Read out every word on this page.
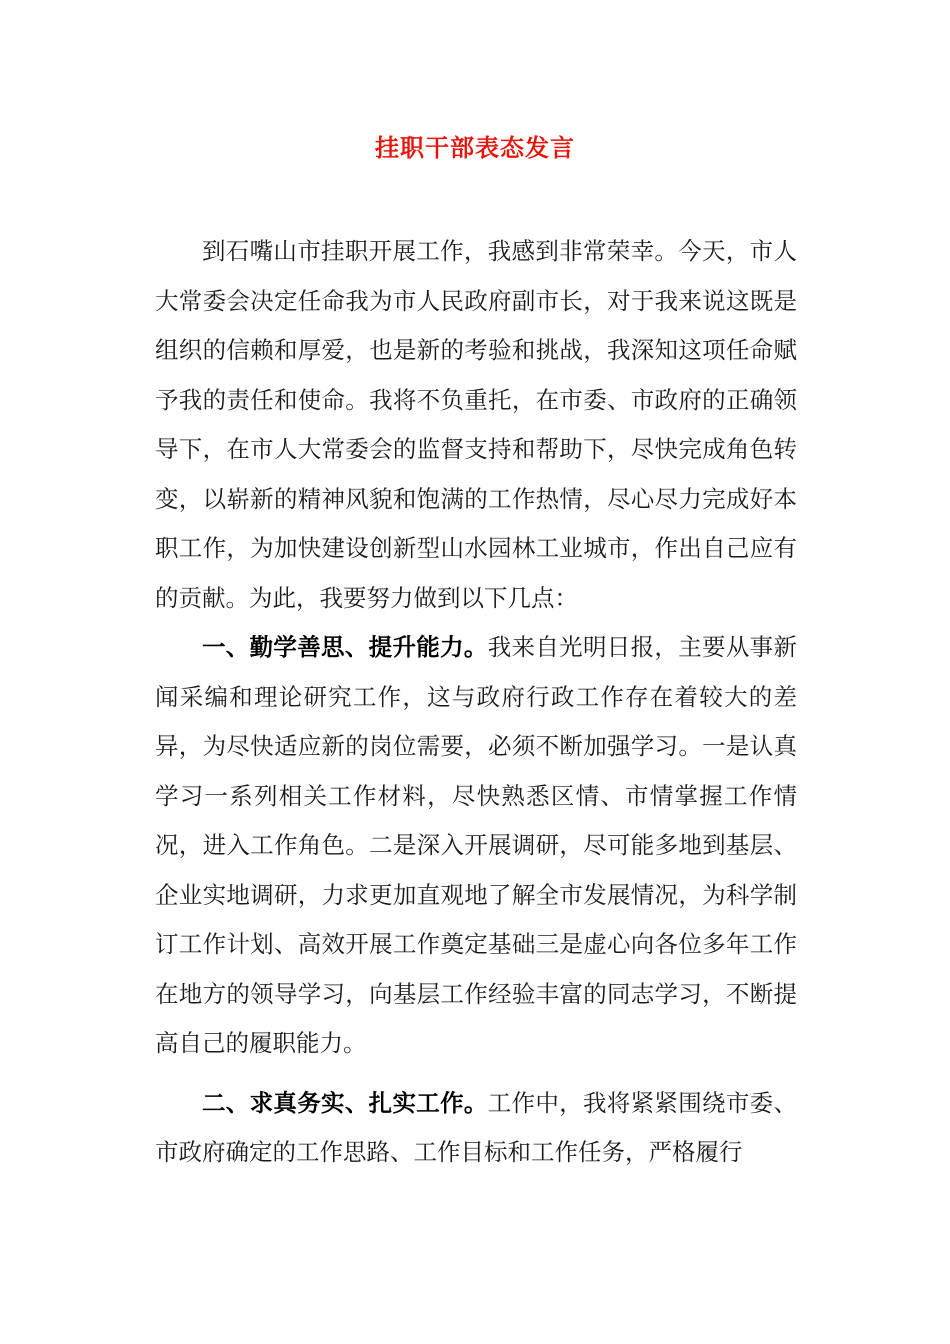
挂职干部表态发言

到石嘴山市挂职开展工作，我感到非常荣幸。今天，市人大常委会决定任命我为市人民政府副市长，对于我来说这既是组织的信赖和厚爱，也是新的考验和挑战，我深知这项任命赋予我的责任和使命。我将不负重托，在市委、市政府的正确领导下，在市人大常委会的监督支持和帮助下，尽快完成角色转变，以崭新的精神风貌和饱满的工作热情，尽心尽力完成好本职工作，为加快建设创新型山水园林工业城市，作出自己应有的贡献。为此，我要努力做到以下几点：

一、勤学善思、提升能力。我来自光明日报，主要从事新闻采编和理论研究工作，这与政府行政工作存在着较大的差异，为尽快适应新的岗位需要，必须不断加强学习。一是认真学习一系列相关工作材料，尽快熟悉区情、市情掌握工作情况，进入工作角色。二是深入开展调研，尽可能多地到基层、企业实地调研，力求更加直观地了解全市发展情况，为科学制订工作计划、高效开展工作奠定基础三是虚心向各位多年工作在地方的领导学习，向基层工作经验丰富的同志学习，不断提高自己的履职能力。

二、求真务实、扎实工作。工作中，我将紧紧围绕市委、市政府确定的工作思路、工作目标和工作任务，严格履行
